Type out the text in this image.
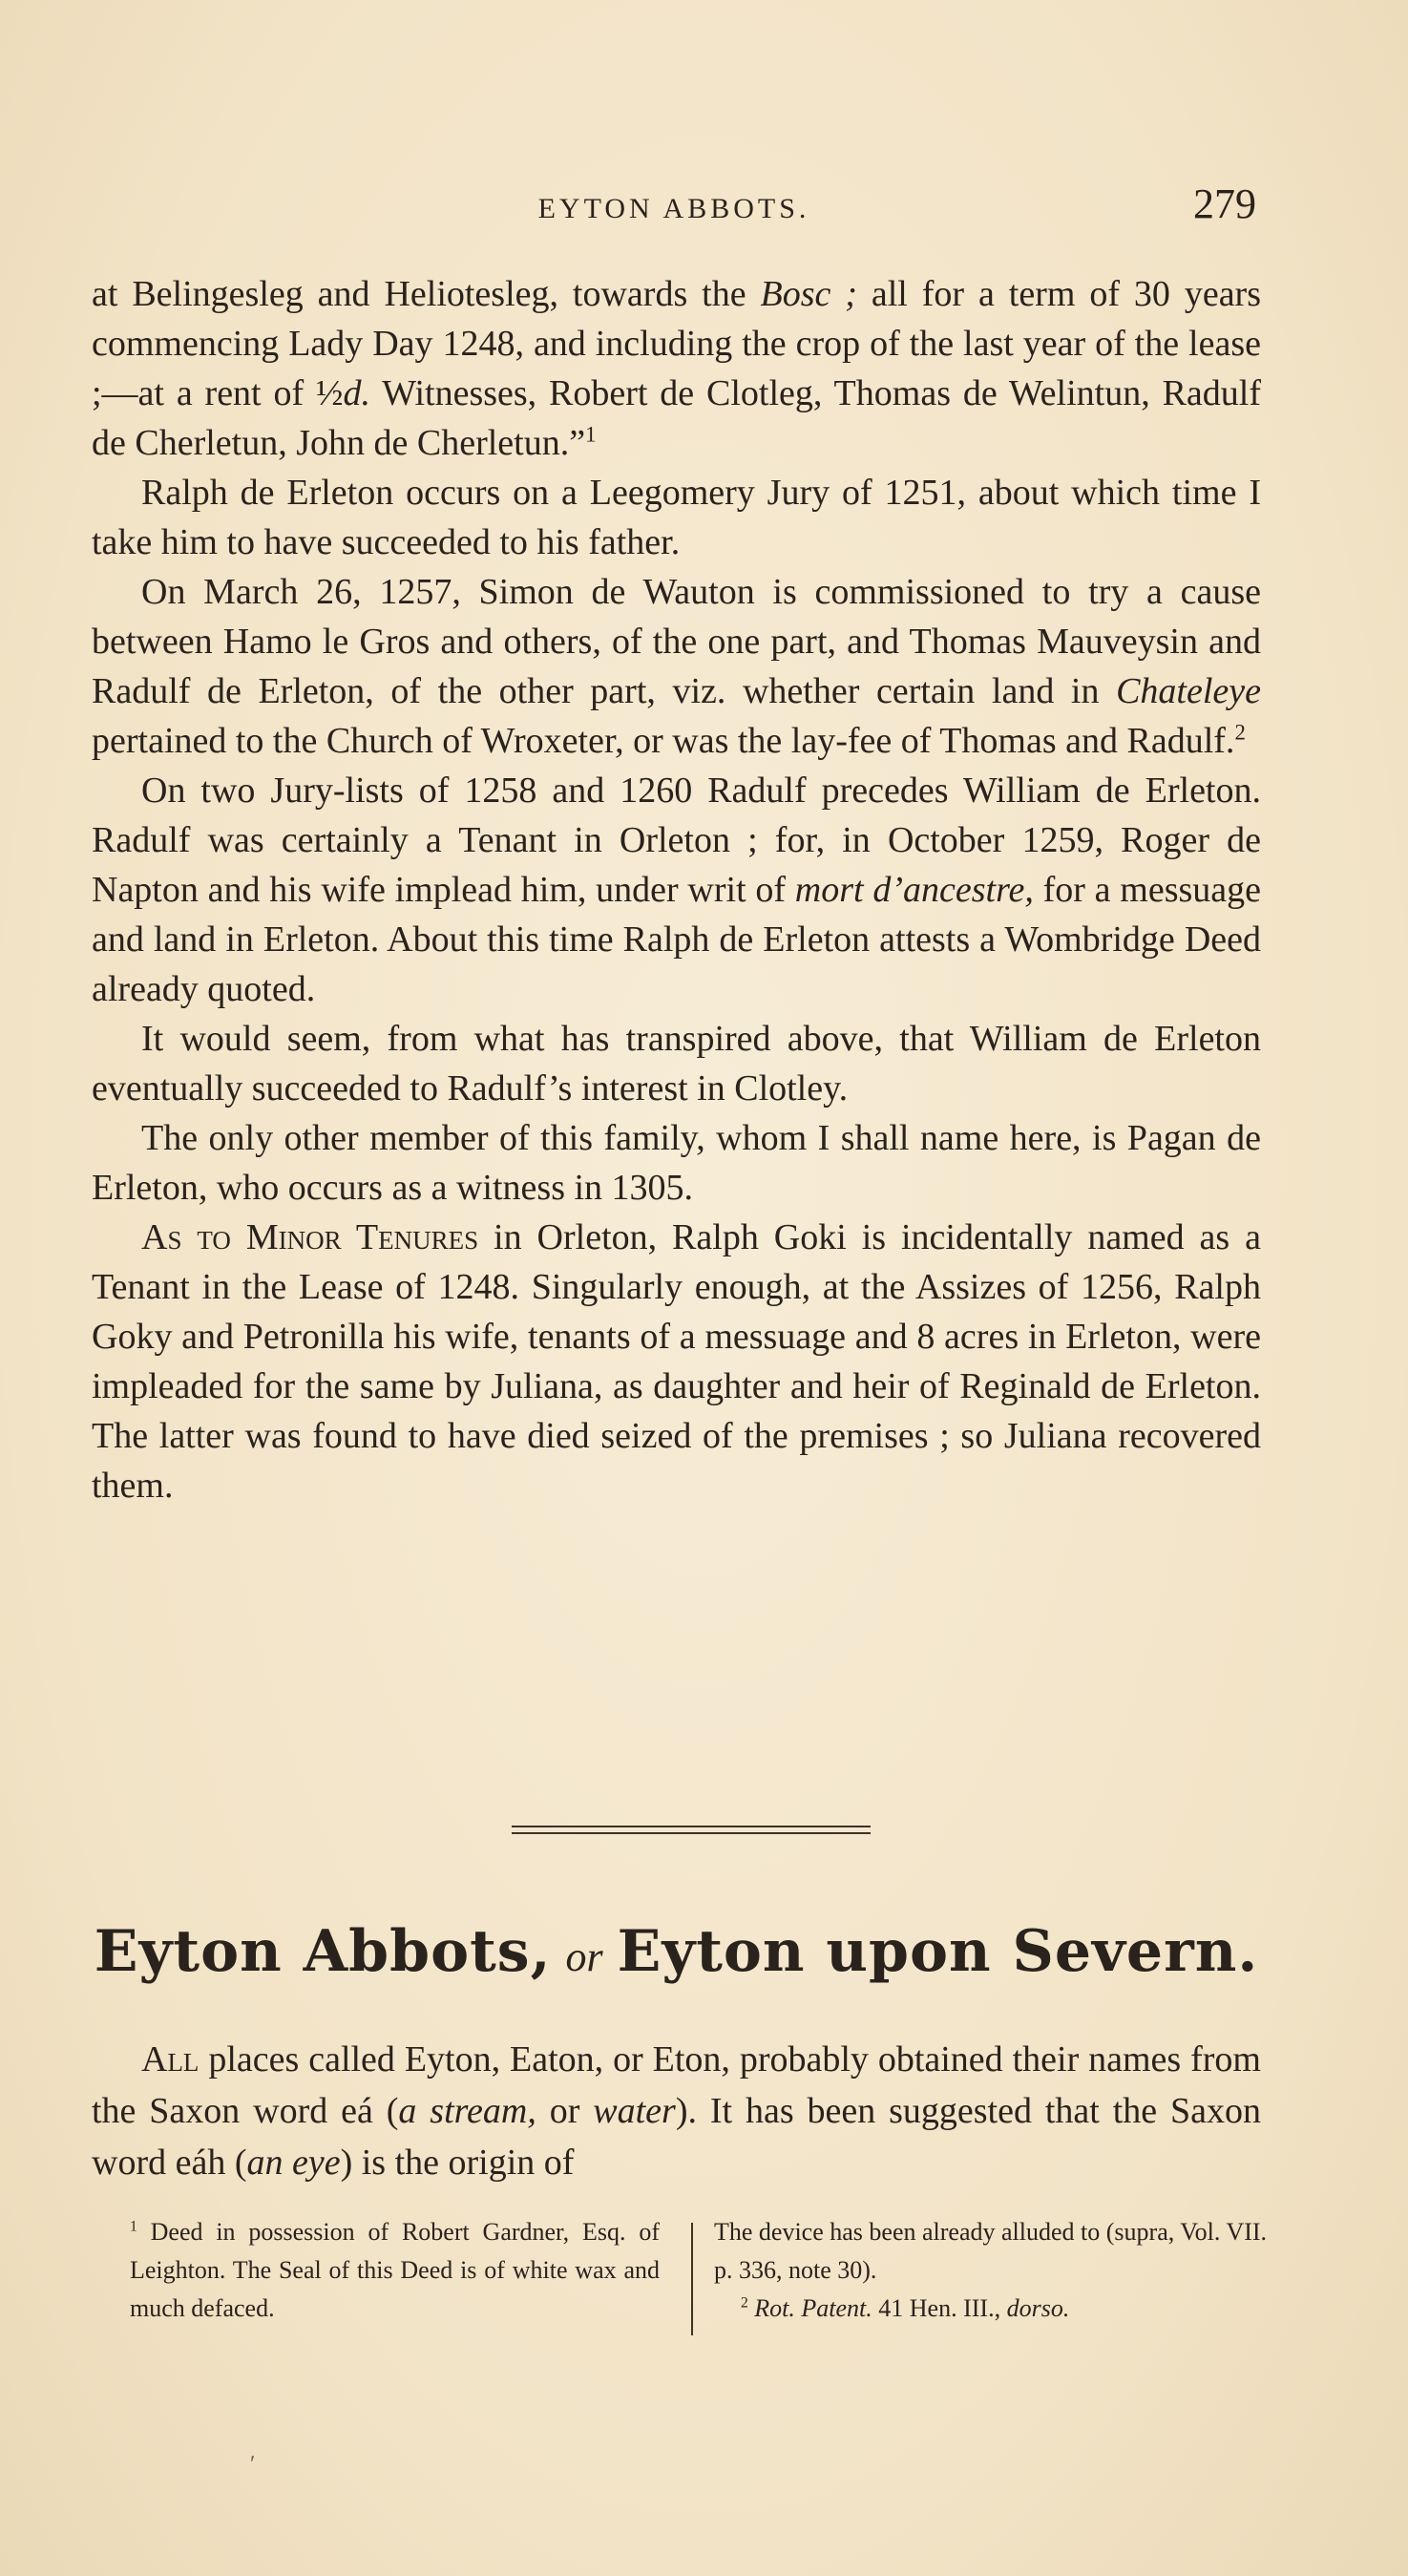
EYTON ABBOTS.	279

at Belingesleg and Heliotesleg, towards the Bosc ; all for a term of 30 years commencing Lady Day 1248, and including the crop of the last year of the lease ;—at a rent of ½d. Witnesses, Robert de Clotleg, Thomas de Welintun, Radulf de Cherletun, John de Cherletun.”$^1$

Ralph de Erleton occurs on a Leegomery Jury of 1251, about which time I take him to have succeeded to his father.

On March 26, 1257, Simon de Wauton is commissioned to try a cause between Hamo le Gros and others, of the one part, and Thomas Mauveysin and Radulf de Erleton, of the other part, viz. whether certain land in Chateleye pertained to the Church of Wroxeter, or was the lay-fee of Thomas and Radulf.$^2$

On two Jury-lists of 1258 and 1260 Radulf precedes William de Erleton. Radulf was certainly a Tenant in Orleton ; for, in October 1259, Roger de Napton and his wife implead him, under writ of mort d’ancestre, for a messuage and land in Erleton. About this time Ralph de Erleton attests a Wombridge Deed already quoted.

It would seem, from what has transpired above, that William de Erleton eventually succeeded to Radulf’s interest in Clotley.

The only other member of this family, whom I shall name here, is Pagan de Erleton, who occurs as a witness in 1305.

As to Minor Tenures in Orleton, Ralph Goki is incidentally named as a Tenant in the Lease of 1248. Singularly enough, at the Assizes of 1256, Ralph Goky and Petronilla his wife, tenants of a messuage and 8 acres in Erleton, were impleaded for the same by Juliana, as daughter and heir of Reginald de Erleton. The latter was found to have died seized of the premises ; so Juliana recovered them.

Eyton Abbots, or Eyton upon Severn.

All places called Eyton, Eaton, or Eton, probably obtained their names from the Saxon word eá (a stream, or water). It has been suggested that the Saxon word eáh (an eye) is the origin of

$^1$ Deed in possession of Robert Gardner, Esq. of Leighton. The Seal of this Deed is of white wax and much defaced.

The device has been already alluded to (supra, Vol. VII. p. 336, note 30).

$^2$ Rot. Patent. 41 Hen. III., dorso.

ʹ
